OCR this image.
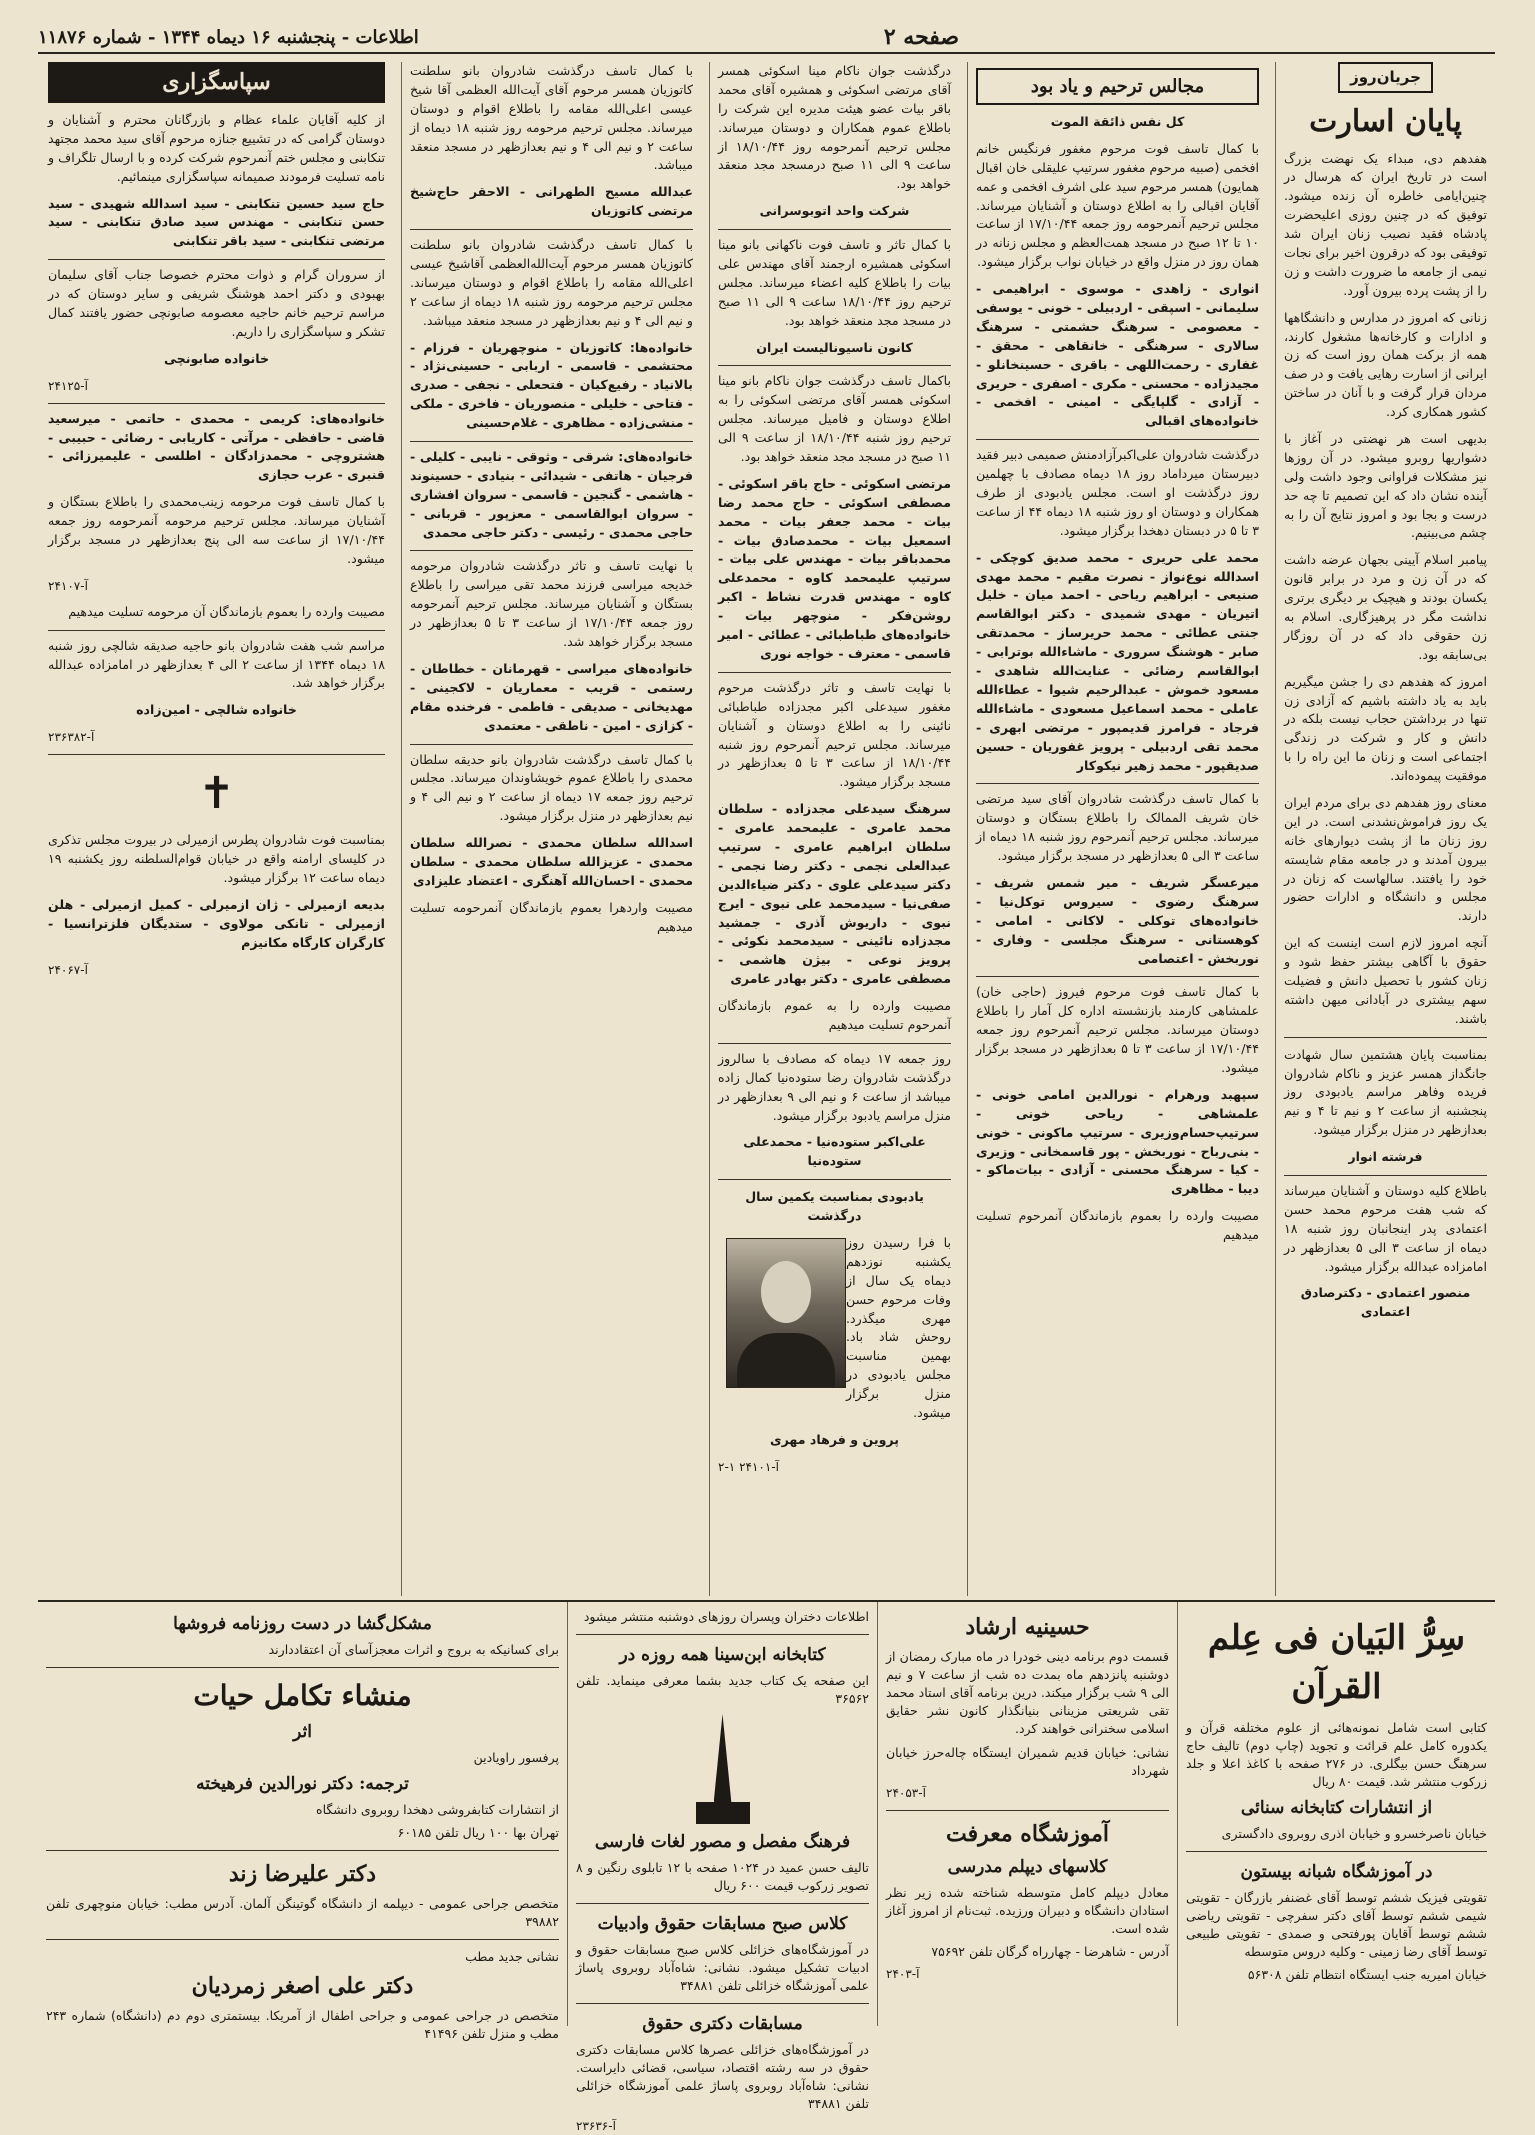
صفحه ۲
اطلاعات - پنجشنبه ۱۶ دیماه ۱۳۴۴ - شماره ۱۱۸۷۶
جریان‌روز
پایان اسارت

هفدهم دی، مبداء یک نهضت بزرگ است در تاریخ ایران که هرسال در چنین‌ایامی خاطره آن زنده میشود. توفیق که در چنین روزی اعلیحضرت پادشاه فقید نصیب زنان ایران شد توفیقی بود که درقرون اخیر برای نجات نیمی از جامعه ما ضرورت داشت و زن را از پشت پرده بیرون آورد.

زنانی که امروز در مدارس و دانشگاهها و ادارات و کارخانه‌ها مشغول کارند، همه از برکت همان روز است که زن ایرانی از اسارت رهایی یافت و در صف مردان قرار گرفت و با آنان در ساختن کشور همکاری کرد.

بدیهی است هر نهضتی در آغاز با دشواریها روبرو میشود. در آن روزها نیز مشکلات فراوانی وجود داشت ولی آینده نشان داد که این تصمیم تا چه حد درست و بجا بود و امروز نتایج آن را به چشم می‌بینیم.

پیامبر اسلام آیینی بجهان عرضه داشت که در آن زن و مرد در برابر قانون یکسان بودند و هیچیک بر دیگری برتری نداشت مگر در پرهیزگاری. اسلام به زن حقوقی داد که در آن روزگار بی‌سابقه بود.

امروز که هفدهم دی را جشن میگیریم باید به یاد داشته باشیم که آزادی زن تنها در برداشتن حجاب نیست بلکه در دانش و کار و شرکت در زندگی اجتماعی است و زنان ما این راه را با موفقیت پیموده‌اند.

معنای روز هفدهم دی برای مردم ایران یک روز فراموش‌نشدنی است. در این روز زنان ما از پشت دیوارهای خانه بیرون آمدند و در جامعه مقام شایسته خود را یافتند. سالهاست که زنان در مجلس و دانشگاه و ادارات حضور دارند.

آنچه امروز لازم است اینست که این حقوق با آگاهی بیشتر حفظ شود و زنان کشور با تحصیل دانش و فضیلت سهم بیشتری در آبادانی میهن داشته باشند.

بمناسبت پایان هشتمین سال شهادت جانگداز همسر عزیز و ناکام شادروان فریده وفاهر مراسم یادبودی روز پنجشنبه از ساعت ۲ و نیم تا ۴ و نیم بعدازظهر در منزل برگزار میشود.

فرشته انوار

باطلاع کلیه دوستان و آشنایان میرساند که شب هفت مرحوم محمد حسن اعتمادی پدر اینجانبان روز شنبه ۱۸ دیماه از ساعت ۳ الی ۵ بعدازظهر در امامزاده عبدالله برگزار میشود.

منصور اعتمادی - دکترصادق اعتمادی

مجالس ترحیم و یاد بود

کل نفس ذائقة الموت

با کمال تاسف فوت مرحوم مغفور فرنگیس خانم افخمی (صبیه مرحوم مغفور سرتیپ علیقلی خان اقبال همایون) همسر مرحوم سید علی اشرف افخمی و عمه آقایان اقبالی را به اطلاع دوستان و آشنایان میرساند. مجلس ترحیم آنمرحومه روز جمعه ۱۷/۱۰/۴۴ از ساعت ۱۰ تا ۱۲ صبح در مسجد همت‌العظم و مجلس زنانه در همان روز در منزل واقع در خیابان نواب برگزار میشود.

انواری - زاهدی - موسوی - ابراهیمی - سلیمانی - اسپقی - اردبیلی - خونی - یوسفی - معصومی - سرهنگ حشمتی - سرهنگ سالاری - سرهنگی - خانقاهی - محقق - غفاری - رحمت‌اللهی - باقری - حسینخانلو - مجیدزاده - محسنی - مکری - اصفری - حریری - آزادی - گلپایگی - امینی - افخمی - خانواده‌های اقبالی

درگذشت شادروان علی‌اکبرآزادمنش صمیمی دبیر فقید دبیرستان میرداماد روز ۱۸ دیماه مصادف با چهلمین روز درگذشت او است. مجلس یادبودی از طرف همکاران و دوستان او روز شنبه ۱۸ دیماه ۴۴ از ساعت ۳ تا ۵ در دبستان دهخدا برگزار میشود.

محمد علی حریری - محمد صدیق کوچکی - اسدالله نوع‌نواز - نصرت مقیم - محمد مهدی صنیعی - ابراهیم ریاحی - احمد میان - خلیل اتیریان - مهدی شمیدی - دکتر ابوالقاسم جنتی عطائی - محمد حریرساز - محمدتقی صابر - هوشنگ سروری - ماشاءالله بوترابی - ابوالقاسم رضائی - عنایت‌الله شاهدی - مسعود خموش - عبدالرحیم شیوا - عطاءالله عاملی - محمد اسماعیل مسعودی - ماشاءالله فرجاد - فرامرز قدیمپور - مرتضی ابهری - محمد تقی اردبیلی - پرویز غفوریان - حسین صدیقپور - محمد زهیر نیکوکار

با کمال تاسف درگذشت شادروان آقای سید مرتضی خان شریف الممالک را باطلاع بستگان و دوستان میرساند. مجلس ترحیم آنمرحوم روز شنبه ۱۸ دیماه از ساعت ۳ الی ۵ بعدازظهر در مسجد برگزار میشود.

میرعسگر شریف - میر شمس شریف - سرهنگ رضوی - سیروس توکل‌نیا - خانواده‌های توکلی - لاکانی - امامی - کوهستانی - سرهنگ مجلسی - وفاری - نوربخش - اعتصامی

با کمال تاسف فوت مرحوم فیروز (حاجی خان) علمشاهی کارمند بازنشسته اداره کل آمار را باطلاع دوستان میرساند. مجلس ترحیم آنمرحوم روز جمعه ۱۷/۱۰/۴۴ از ساعت ۳ تا ۵ بعدازظهر در مسجد برگزار میشود.

سپهبد ورهرام - نورالدین امامی خونی - علمشاهی - ریاحی خونی - سرتیپ‌حسام‌وزیری - سرتیپ ماکونی - خونی - بنی‌رباح - نوربخش - پور قاسمخانی - وزیری - کیا - سرهنگ محسنی - آزادی - بیات‌ماکو - دیبا - مظاهری

مصیبت وارده را بعموم بازماندگان آنمرحوم تسلیت میدهیم

درگذشت جوان ناکام مینا اسکوئی همسر آقای مرتضی اسکوئی و همشیره آقای محمد باقر بیات عضو هیئت مدیره این شرکت را باطلاع عموم همکاران و دوستان میرساند. مجلس ترحیم آنمرحومه روز ۱۸/۱۰/۴۴ از ساعت ۹ الی ۱۱ صبح درمسجد مجد منعقد خواهد بود.

شرکت واحد اتوبوسرانی

با کمال تاثر و تاسف فوت ناکهانی بانو مینا اسکوئی همشیره ارجمند آقای مهندس علی بیات را باطلاع کلیه اعضاء میرساند. مجلس ترحیم روز ۱۸/۱۰/۴۴ ساعت ۹ الی ۱۱ صبح در مسجد مجد منعقد خواهد بود.

کانون ناسیونالیست ایران

باکمال تاسف درگذشت جوان ناکام بانو مینا اسکوئی همسر آقای مرتضی اسکوئی را به اطلاع دوستان و فامیل میرساند. مجلس ترحیم روز شنبه ۱۸/۱۰/۴۴ از ساعت ۹ الی ۱۱ صبح در مسجد مجد منعقد خواهد بود.

مرتضی اسکوئی - حاج باقر اسکوئی - مصطفی اسکوئی - حاج محمد رضا بیات - محمد جعفر بیات - محمد اسمعیل بیات - محمدصادق بیات - محمدباقر بیات - مهندس علی بیات - سرتیپ علیمحمد کاوه - محمدعلی کاوه - مهندس قدرت نشاط - اکبر روشن‌فکر - منوچهر بیات - خانواده‌های طباطبائی - عطائی - امیر قاسمی - معترف - خواجه نوری

با نهایت تاسف و تاثر درگذشت مرحوم مغفور سیدعلی اکبر مجدزاده طباطبائی نائینی را به اطلاع دوستان و آشنایان میرساند. مجلس ترحیم آنمرحوم روز شنبه ۱۸/۱۰/۴۴ از ساعت ۳ تا ۵ بعدازظهر در مسجد برگزار میشود.

سرهنگ سیدعلی مجدزاده - سلطان محمد عامری - علیمحمد عامری - سلطان ابراهیم عامری - سرتیپ عبدالعلی نجمی - دکتر رضا نجمی - دکتر سیدعلی علوی - دکتر ضیاءالدین صفی‌نیا - سیدمحمد علی نبوی - ایرج نبوی - داریوش آذری - جمشید مجدزاده نائینی - سیدمحمد نکوئی - پرویز نوعی - بیژن هاشمی - مصطفی عامری - دکتر بهادر عامری

مصیبت وارده را به عموم بازماندگان آنمرحوم تسلیت میدهیم

روز جمعه ۱۷ دیماه که مصادف با سالروز درگذشت شادروان رضا ستوده‌نیا کمال زاده میباشد از ساعت ۶ و نیم الی ۹ بعدازظهر در منزل مراسم یادبود برگزار میشود.

علی‌اکبر ستوده‌نیا - محمدعلی ستوده‌نیا

یادبودی بمناسبت یکمین سال درگذشت

با فرا رسیدن روز یکشنبه نوزدهم دیماه یک سال از وفات مرحوم حسن مهری میگذرد. روحش شاد باد. بهمین مناسبت مجلس یادبودی در منزل برگزار میشود.

پروین و فرهاد مهری

آ-۲۴۱۰۱ ۱-۲

با کمال تاسف درگذشت شادروان بانو سلطنت کاتوزیان همسر مرحوم آقای آیت‌الله العظمی آقا شیخ عیسی اعلی‌الله مقامه را باطلاع اقوام و دوستان میرساند. مجلس ترحیم مرحومه روز شنبه ۱۸ دیماه از ساعت ۲ و نیم الی ۴ و نیم بعدازظهر در مسجد منعقد میباشد.

عبدالله مسیح الطهرانی - الاحقر حاج‌شیخ مرتضی کاتوزیان

با کمال تاسف درگذشت شادروان بانو سلطنت کاتوزیان همسر مرحوم آیت‌الله‌العظمی آقاشیخ عیسی اعلی‌الله مقامه را باطلاع اقوام و دوستان میرساند. مجلس ترحیم مرحومه روز شنبه ۱۸ دیماه از ساعت ۲ و نیم الی ۴ و نیم بعدازظهر در مسجد منعقد میباشد.

خانواده‌ها: کاتوزیان - منوچهریان - فرزام - محتشمی - قاسمی - اربابی - حسینی‌نژاد - بالانیاد - رفیع‌کیان - فتحعلی - نجفی - صدری - فتاحی - خلیلی - منصوریان - فاخری - ملکی - منشی‌زاده - مظاهری - غلام‌حسینی

خانواده‌های: شرقی - وثوقی - نایبی - کلیلی - فرجیان - هاتفی - شیدائی - بنیادی - حسینوند - هاشمی - گنجین - قاسمی - سروان افشاری - سروان ابوالقاسمی - معزپور - قربانی - حاجی محمدی - رئیسی - دکتر حاجی محمدی

با نهایت تاسف و تاثر درگذشت شادروان مرحومه خدیجه میراسی فرزند محمد تقی میراسی را باطلاع بستگان و آشنایان میرساند. مجلس ترحیم آنمرحومه روز جمعه ۱۷/۱۰/۴۴ از ساعت ۳ تا ۵ بعدازظهر در مسجد برگزار خواهد شد.

خانواده‌های میراسی - قهرمانان - خطاطان - رستمی - قریب - معماریان - لاکجینی - مهدیخانی - صدیقی - فاطمی - فرخنده مقام - کزازی - امین - ناطقی - معتمدی

با کمال تاسف درگذشت شادروان بانو حدیقه سلطان محمدی را باطلاع عموم خویشاوندان میرساند. مجلس ترحیم روز جمعه ۱۷ دیماه از ساعت ۲ و نیم الی ۴ و نیم بعدازظهر در منزل برگزار میشود.

اسدالله سلطان محمدی - نصرالله سلطان محمدی - عزیزالله سلطان محمدی - سلطان محمدی - احسان‌الله آهنگری - اعتضاد علیزادی

مصیبت واردهرا بعموم بازماندگان آنمرحومه تسلیت میدهیم

سپاسگزاری

از کلیه آقایان علماء عظام و بازرگانان محترم و آشنایان و دوستان گرامی که در تشییع جنازه مرحوم آقای سید محمد مجتهد تنکابنی و مجلس ختم آنمرحوم شرکت کرده و با ارسال تلگراف و نامه تسلیت فرمودند صمیمانه سپاسگزاری مینمائیم.

حاج سید حسین تنکابنی - سید اسدالله شهیدی - سید حسن تنکابنی - مهندس سید صادق تنکابنی - سید مرتضی تنکابنی - سید باقر تنکابنی

از سروران گرام و ذوات محترم خصوصا جناب آقای سلیمان بهبودی و دکتر احمد هوشنگ شریفی و سایر دوستان که در مراسم ترحیم خانم حاجیه معصومه صابونچی حضور یافتند کمال تشکر و سپاسگزاری را داریم.

خانواده صابونچی

آ-۲۴۱۲۵

خانواده‌های: کریمی - محمدی - حاتمی - میرسعید قاضی - حافظی - مرآتی - کاریابی - رضائی - حبیبی - هشتروچی - محمدزادگان - اطلسی - علیمیرزائی - قنبری - عرب حجازی

با کمال تاسف فوت مرحومه زینب‌محمدی را باطلاع بستگان و آشنایان میرساند. مجلس ترحیم مرحومه آنمرحومه روز جمعه ۱۷/۱۰/۴۴ از ساعت سه الی پنج بعدازظهر در مسجد برگزار میشود.

آ-۲۴۱۰۷

مصیبت وارده را بعموم بازماندگان آن مرحومه تسلیت میدهیم

مراسم شب هفت شادروان بانو حاجیه صدیقه شالچی روز شنبه ۱۸ دیماه ۱۳۴۴ از ساعت ۲ الی ۴ بعدازظهر در امامزاده عبدالله برگزار خواهد شد.

خانواده شالچی - امین‌زاده

آ-۲۳۶۳۸۲

✝

بمناسبت فوت شادروان پطرس ازمیرلی در بیروت مجلس تذکری در کلیسای ارامنه واقع در خیابان قوام‌السلطنه روز یکشنبه ۱۹ دیماه ساعت ۱۲ برگزار میشود.

بدیعه ازمیرلی - ژان ازمیرلی - کمیل ازمیرلی - هلن ازمیرلی - تانکی مولاوی - ستدیگان فلزترانسیا - کارگران کارگاه مکانیزم

آ-۲۴۰۶۷

سِرُّ البَیان فی عِلم القرآن

کتابی است شامل نمونه‌هائی از علوم مختلفه قرآن و یکدوره کامل علم قرائت و تجوید (چاپ دوم) تالیف حاج سرهنگ حسن بیگلری. در ۲۷۶ صفحه با کاغذ اعلا و جلد زرکوب منتشر شد. قیمت ۸۰ ریال

از انتشارات کتابخانه سنائی

خیابان ناصرخسرو و خیابان اذری روبروی دادگستری

در آموزشگاه شبانه بیستون

تقویتی فیزیک ششم توسط آقای غضنفر بازرگان - تقویتی شیمی ششم توسط آقای دکتر سفرچی - تقویتی ریاضی ششم توسط آقایان پورفتحی و صمدی - تقویتی طبیعی توسط آقای رضا زمینی - وکلیه دروس متوسطه

خیابان امیریه جنب ایستگاه انتظام تلفن ۵۶۳۰۸

حسینیه ارشاد

قسمت دوم برنامه دینی خودرا در ماه مبارک رمضان از دوشنبه پانزدهم ماه بمدت ده شب از ساعت ۷ و نیم الی ۹ شب برگزار میکند. درین برنامه آقای استاد محمد تقی شریعتی مزینانی بنیانگذار کانون نشر حقایق اسلامی سخنرانی خواهند کرد.

نشانی: خیابان قدیم شمیران ایستگاه چاله‌حرز خیابان شهرداد

آ-۲۴۰۵۳

آموزشگاه معرفت
کلاسهای دیپلم مدرسی

معادل دیپلم کامل متوسطه شناخته شده زیر نظر استادان دانشگاه و دبیران ورزیده. ثبت‌نام از امروز آغاز شده است.

آدرس - شاهرضا - چهارراه گرگان تلفن ۷۵۶۹۲

آ-۲۴۰۳

اطلاعات دختران وپسران روزهای دوشنبه منتشر میشود

کتابخانه ابن‌سینا همه روزه در

این صفحه یک کتاب جدید بشما معرفی مینماید. تلفن ۳۶۵۶۲

فرهنگ مفصل و مصور لغات فارسی

تالیف حسن عمید در ۱۰۲۴ صفحه با ۱۲ تابلوی رنگین و ۸ تصویر زرکوب قیمت ۶۰۰ ریال

کلاس صبح مسابقات حقوق وادبیات

در آموزشگاه‌های خزائلی کلاس صبح مسابقات حقوق و ادبیات تشکیل میشود. نشانی: شاه‌آباد روبروی پاساژ علمی آموزشگاه خزائلی تلفن ۳۴۸۸۱

مسابقات دکتری حقوق

در آموزشگاه‌های خزائلی عصرها کلاس مسابقات دکتری حقوق در سه رشته اقتصاد، سیاسی، قضائی دایراست. نشانی: شاه‌آباد روبروی پاساژ علمی آموزشگاه خزائلی تلفن ۳۴۸۸۱

آ-۲۳۶۳۶

مشکل‌گشا در دست روزنامه فروشها

برای کسانیکه به بروج و اثرات معجزآسای آن اعتقاددارند

منشاء تکامل حیات
اثر

پرفسور راویادین

ترجمه: دکتر نورالدین فرهیخته

از انتشارات کتابفروشی دهخدا روبروی دانشگاه

تهران بها ۱۰۰ ریال تلفن ۶۰۱۸۵

دکتر علیرضا زند

متخصص جراحی عمومی - دیپلمه از دانشگاه گوتینگن آلمان. آدرس مطب: خیابان منوچهری تلفن ۳۹۸۸۲

نشانی جدید مطب

دکتر علی اصغر زمردیان

متخصص در جراحی عمومی و جراحی اطفال از آمریکا. بیستمتری دوم دم (دانشگاه) شماره ۲۴۳ مطب و منزل تلفن ۴۱۴۹۶
